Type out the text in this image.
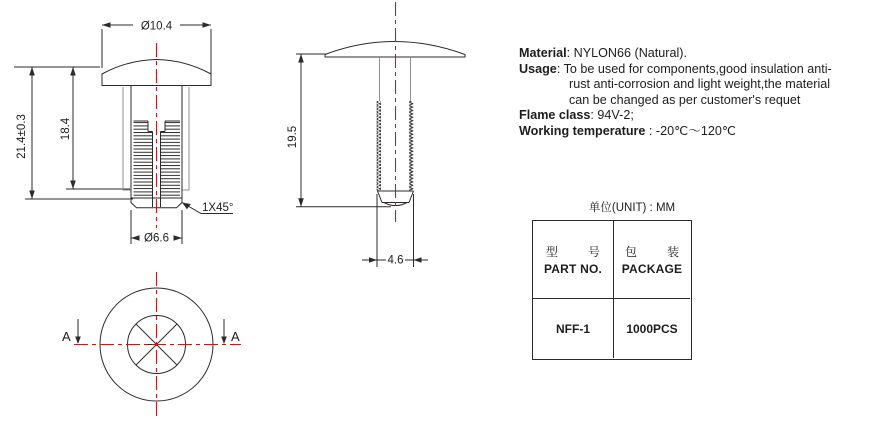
Ø10.4
21.4±0.3	18.4
Ø6.6
1X45°
19.5
4.6
A	A
Material: NYLON66 (Natural).
Usage: To be used for components,good insulation anti-
rust anti-corrosion and light weight,the material
can be changed as per customer's requet
Flame class: 94V-2;
Working temperature : -20℃～120℃
单位(UNIT) : MM
型 号
PART NO.
包 装
PACKAGE
NFF-1	1000PCS
